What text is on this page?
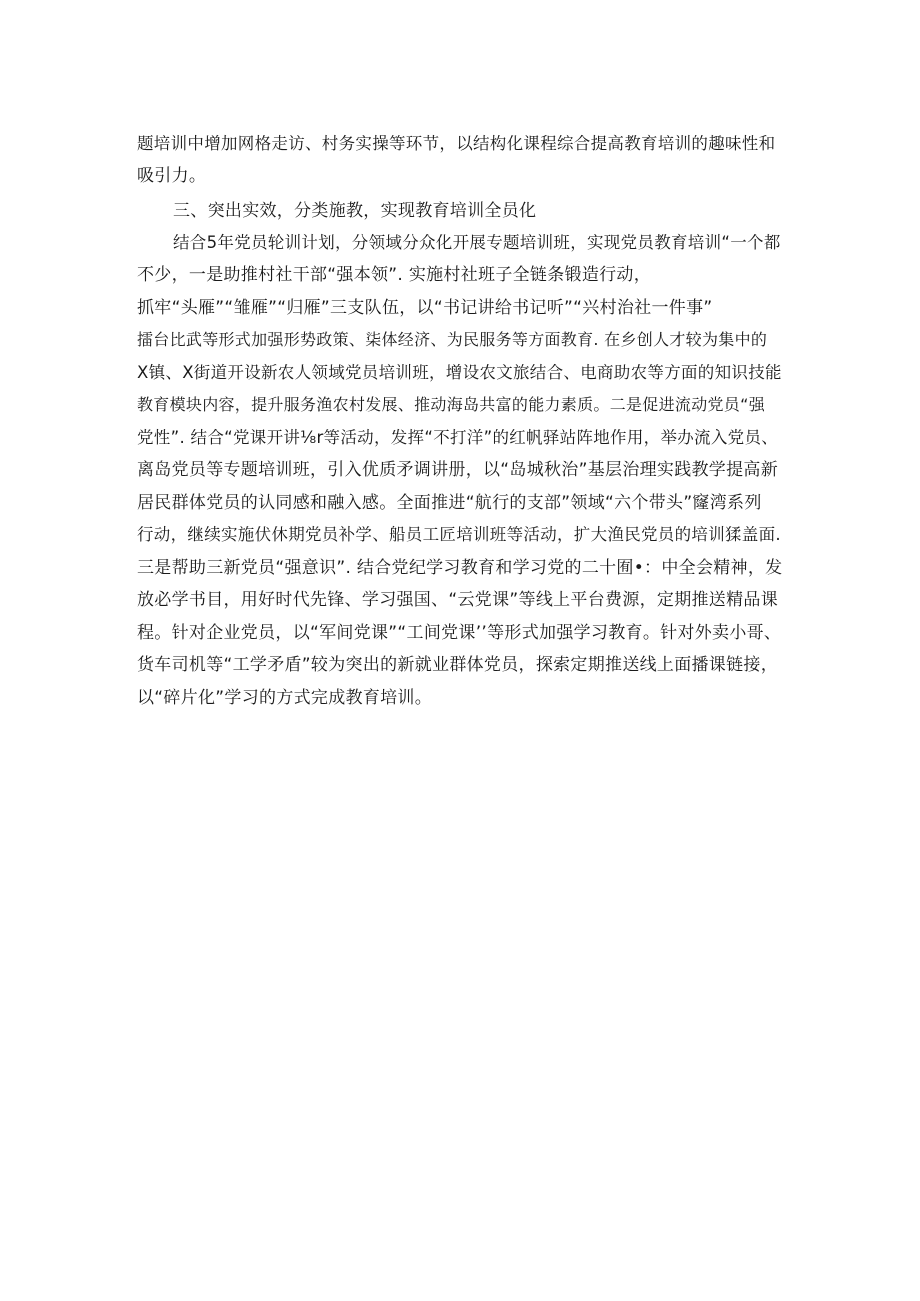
题培训中增加网格走访、村务实操等环节，以结构化课程综合提高教育培训的趣味性和
吸引力。
三、突出实效，分类施教，实现教育培训全员化
结合5年党员轮训计划，分领域分众化开展专题培训班，实现党员教育培训“一个都
不少，一是助推村社干部“强本领”. 实施村社班子全链条锻造行动，
抓牢“头雁”“雏雁”“归雁”三支队伍，以“书记讲给书记听”“兴村治社一件事”
擂台比武等形式加强形势政策、柒体经济、为民服务等方面教育. 在乡创人才较为集中的
X镇、X街道开设新农人领域党员培训班，增设农文旅结合、电商助农等方面的知识技能
教育模块内容，提升服务渔农村发展、推动海岛共富的能力素质。二是促进流动党员“强
党性”. 结合“党课开讲⅛r等活动，发挥“不打洋”的红帆驿站阵地作用，举办流入党员、
离岛党员等专题培训班，引入优质矛调讲册，以“岛城秋治”基层治理实践教学提高新
居民群体党员的认同感和融入感。全面推进“航行的支部”领域“六个带头”窿湾系列
行动，继续实施伏休期党员补学、船员工匠培训班等活动，扩大渔民党员的培训猱盖面.
三是帮助三新党员“强意识”. 结合党纪学习教育和学习党的二十囿•：中全会精神，发
放必学书目，用好时代先锋、学习强国、“云党课”等线上平台费源，定期推送精品课
程。针对企业党员，以“军间党课”“工间党课’’等形式加强学习教育。针对外卖小哥、
货车司机等“工学矛盾”较为突出的新就业群体党员，探索定期推送线上面播课链接，
以“碎片化”学习的方式完成教育培训。
